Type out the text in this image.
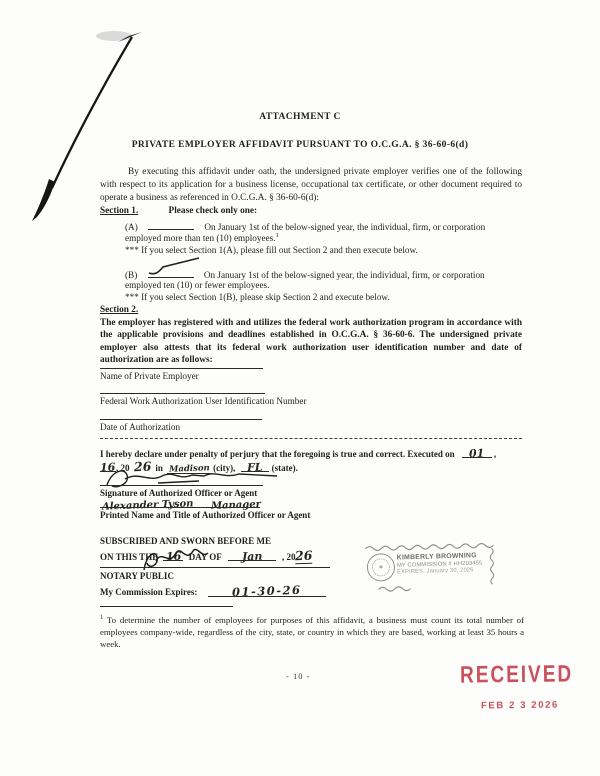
ATTACHMENT C
PRIVATE EMPLOYER AFFIDAVIT PURSUANT TO O.C.G.A. § 36-60-6(d)
By executing this affidavit under oath, the undersigned private employer verifies one of the following with respect to its application for a business license, occupational tax certificate, or other document required to operate a business as referenced in O.C.G.A. § 36-60-6(d):
Section 1.	Please check only one:
(A)	On January 1st of the below-signed year, the individual, firm, or corporation
employed more than ten (10) employees.$^1$
*** If you select Section 1(A), please fill out Section 2 and then execute below.
(B)	On January 1st of the below-signed year, the individual, firm, or corporation
employed ten (10) or fewer employees.
*** If you select Section 1(B), please skip Section 2 and execute below.
Section 2.
The employer has registered with and utilizes the federal work authorization program in accordance with the applicable provisions and deadlines established in O.C.G.A. § 36-60-6. The undersigned private employer also attests that its federal work authorization user identification number and date of authorization are as follows:
Name of Private Employer
Federal Work Authorization User Identification Number
Date of Authorization
I hereby declare under penalty of perjury that the foregoing is true and correct. Executed on 01 ,
16, 20 26 in Madison (city), FL (state).
Signature of Authorized Officer or Agent
Alexander Tyson Manager
Printed Name and Title of Authorized Officer or Agent
SUBSCRIBED AND SWORN BEFORE ME
ON THIS THE 16 DAY OF Jan , 2026
NOTARY PUBLIC
My Commission Expires:	01-30-26
✶
KIMBERLY BROWNING
MY COMMISSION # HH203455
EXPIRES: January 30, 2026
$^1$ To determine the number of employees for purposes of this affidavit, a business must count its total number of employees company-wide, regardless of the city, state, or country in which they are based, working at least 35 hours a week.
- 10 -	RECEIVED
FEB 2 3 2026
